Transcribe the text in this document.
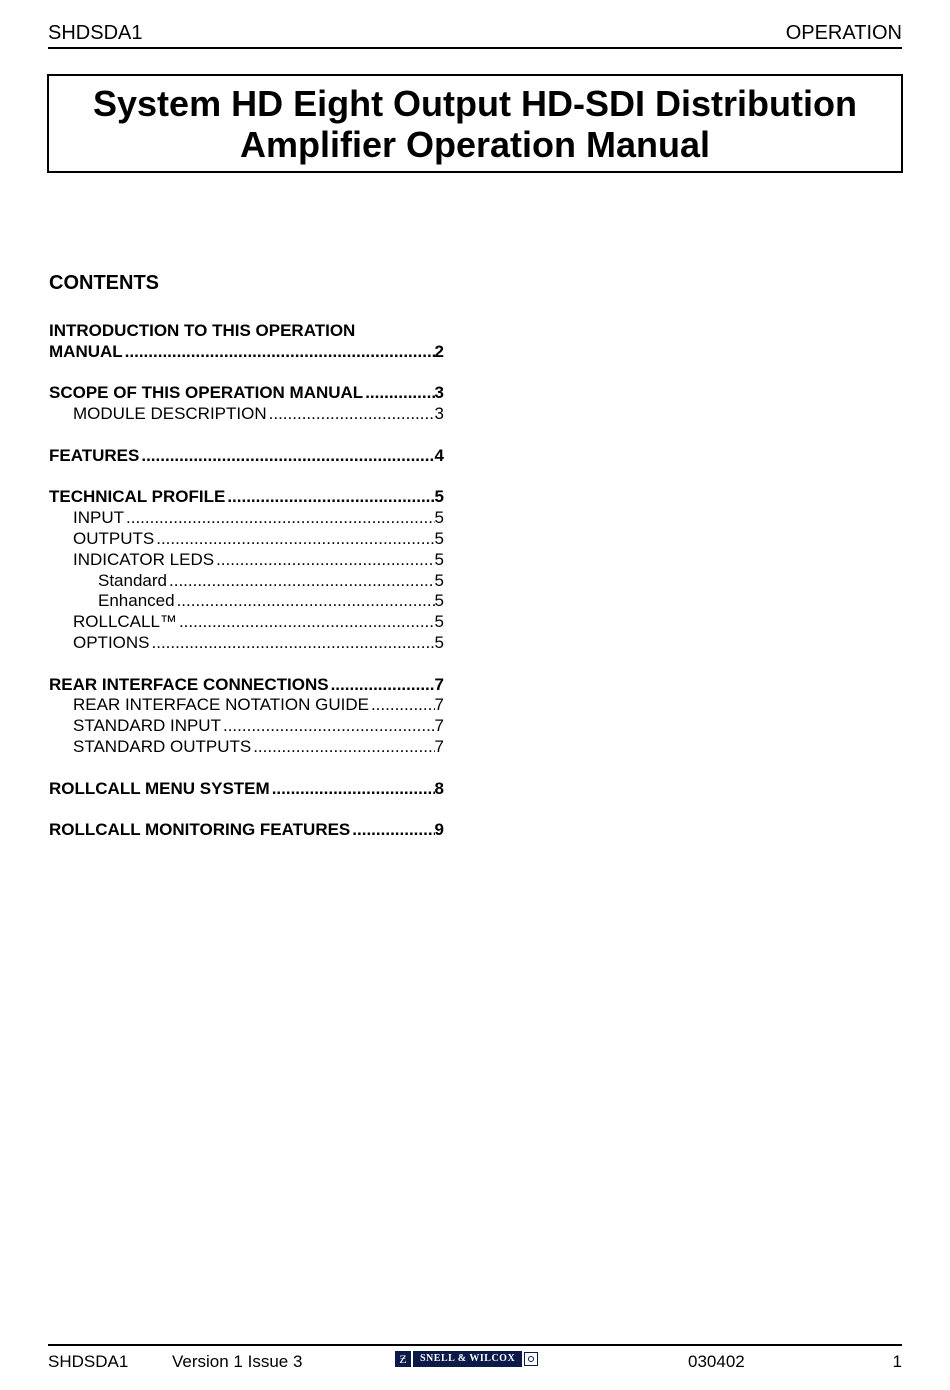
SHDSDA1	OPERATION
System HD Eight Output HD-SDI Distribution
Amplifier Operation Manual
CONTENTS
INTRODUCTION TO THIS OPERATION
MANUAL .....	2
SCOPE OF THIS OPERATION MANUAL .....	3
MODULE DESCRIPTION .....	3
FEATURES .....	4
TECHNICAL PROFILE .....	5
INPUT .....	5
OUTPUTS .....	5
INDICATOR LEDS .....	5
Standard .....	5
Enhanced .....	5
ROLLCALL™ .....	5
OPTIONS .....	5
REAR INTERFACE CONNECTIONS .....	7
REAR INTERFACE NOTATION GUIDE .....	7
STANDARD INPUT .....	7
STANDARD OUTPUTS .....	7
ROLLCALL MENU SYSTEM .....	8
ROLLCALL MONITORING FEATURES .....	9
SHDSDA1	Version 1 Issue 3	Ƶ	SNELL & WILCOX	030402	1
